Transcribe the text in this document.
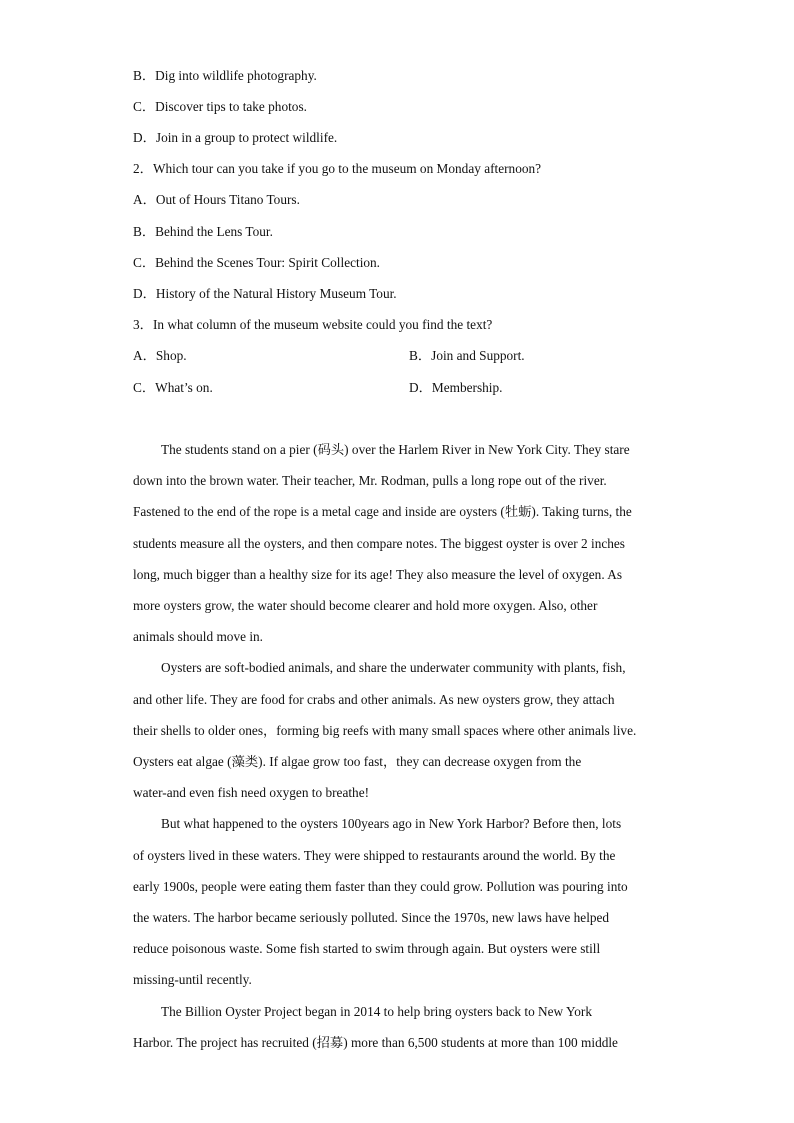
B．Dig into wildlife photography.
C．Discover tips to take photos.
D．Join in a group to protect wildlife.
2．Which tour can you take if you go to the museum on Monday afternoon?
A．Out of Hours Titano Tours.
B．Behind the Lens Tour.
C．Behind the Scenes Tour: Spirit Collection.
D．History of the Natural History Museum Tour.
3．In what column of the museum website could you find the text?
A．Shop.	B．Join and Support.
C．What’s on.	D．Membership.
The students stand on a pier (码头) over the Harlem River in New York City. They stare
down into the brown water. Their teacher, Mr. Rodman, pulls a long rope out of the river.
Fastened to the end of the rope is a metal cage and inside are oysters (牡蛎). Taking turns, the
students measure all the oysters, and then compare notes. The biggest oyster is over 2 inches
long, much bigger than a healthy size for its age! They also measure the level of oxygen. As
more oysters grow, the water should become clearer and hold more oxygen. Also, other
animals should move in.
Oysters are soft-bodied animals, and share the underwater community with plants, fish,
and other life. They are food for crabs and other animals. As new oysters grow, they attach
their shells to older ones，forming big reefs with many small spaces where other animals live.
Oysters eat algae (藻类). If algae grow too fast，they can decrease oxygen from the
water-and even fish need oxygen to breathe!
But what happened to the oysters 100years ago in New York Harbor? Before then, lots
of oysters lived in these waters. They were shipped to restaurants around the world. By the
early 1900s, people were eating them faster than they could grow. Pollution was pouring into
the waters. The harbor became seriously polluted. Since the 1970s, new laws have helped
reduce poisonous waste. Some fish started to swim through again. But oysters were still
missing-until recently.
The Billion Oyster Project began in 2014 to help bring oysters back to New York
Harbor. The project has recruited (招募) more than 6,500 students at more than 100 middle
